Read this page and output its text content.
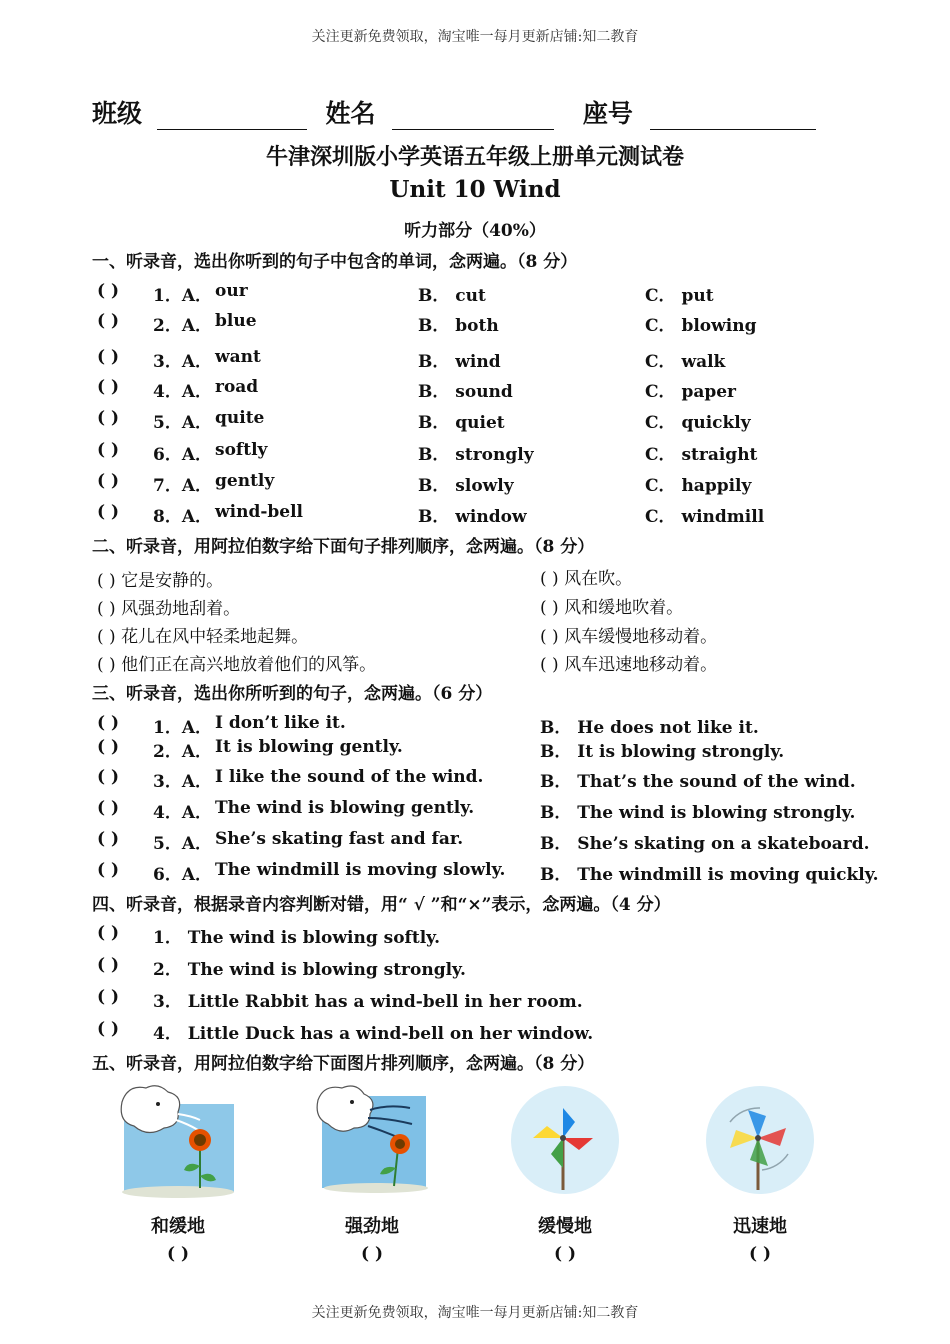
关注更新免费领取，淘宝唯一每月更新店铺:知二教育
班级	姓名	座号
牛津深圳版小学英语五年级上册单元测试卷
Unit 10 Wind
听力部分（40%）
一、听录音，选出你听到的句子中包含的单词，念两遍。（8 分）
( ) 1．A． our	B． cut	C． put
( ) 2．A． blue	B． both	C． blowing
( ) 3．A． want	B． wind	C． walk
( ) 4．A． road	B． sound	C． paper
( ) 5．A． quite	B． quiet	C． quickly
( ) 6．A． softly	B． strongly	C． straight
( ) 7．A． gently	B． slowly	C． happily
( ) 8．A． wind-bell	B． window	C． windmill
二、听录音，用阿拉伯数字给下面句子排列顺序，念两遍。（8 分）
( ) 它是安静的。
( ) 风强劲地刮着。
( ) 花儿在风中轻柔地起舞。
( ) 他们正在高兴地放着他们的风筝。
( ) 风在吹。
( ) 风和缓地吹着。
( ) 风车缓慢地移动着。
( ) 风车迅速地移动着。
三、听录音，选出你所听到的句子，念两遍。（6 分）
( ) 1．A． I don’t like it.	B． He does not like it.
( ) 2．A． It is blowing gently.	B． It is blowing strongly.
( ) 3．A． I like the sound of the wind.	B． That’s the sound of the wind.
( ) 4．A． The wind is blowing gently.	B． The wind is blowing strongly.
( ) 5．A． She’s skating fast and far.	B． She’s skating on a skateboard.
( ) 6．A． The windmill is moving slowly. B． The windmill is moving quickly.
四、听录音，根据录音内容判断对错，用“ √ ”和“×”表示，念两遍。（4 分）
( ) 1． The wind is blowing softly.
( ) 2． The wind is blowing strongly.
( ) 3． Little Rabbit has a wind-bell in her room.
( ) 4． Little Duck has a wind-bell on her window.
五、听录音，用阿拉伯数字给下面图片排列顺序，念两遍。（8 分）
和缓地
( )
强劲地
( )
缓慢地
( )
迅速地
( )
关注更新免费领取，淘宝唯一每月更新店铺:知二教育
